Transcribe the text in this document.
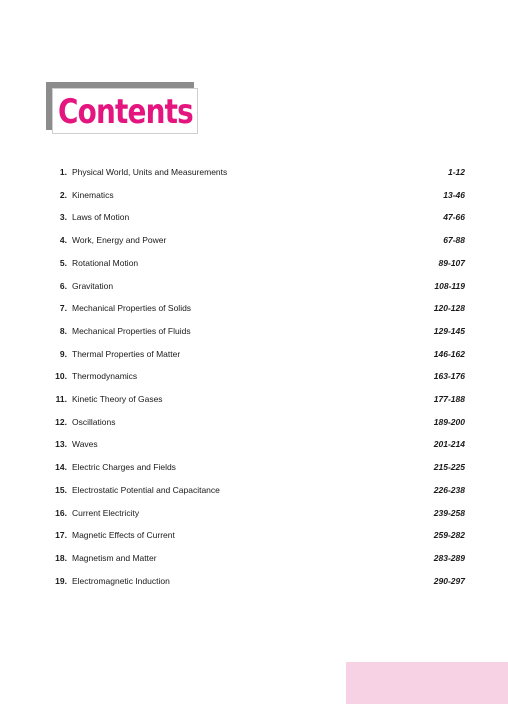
Contents
1. Physical World, Units and Measurements	1-12
2. Kinematics	13-46
3. Laws of Motion	47-66
4. Work, Energy and Power	67-88
5. Rotational Motion	89-107
6. Gravitation	108-119
7. Mechanical Properties of Solids	120-128
8. Mechanical Properties of Fluids	129-145
9. Thermal Properties of Matter	146-162
10. Thermodynamics	163-176
11. Kinetic Theory of Gases	177-188
12. Oscillations	189-200
13. Waves	201-214
14. Electric Charges and Fields	215-225
15. Electrostatic Potential and Capacitance	226-238
16. Current Electricity	239-258
17. Magnetic Effects of Current	259-282
18. Magnetism and Matter	283-289
19. Electromagnetic Induction	290-297
